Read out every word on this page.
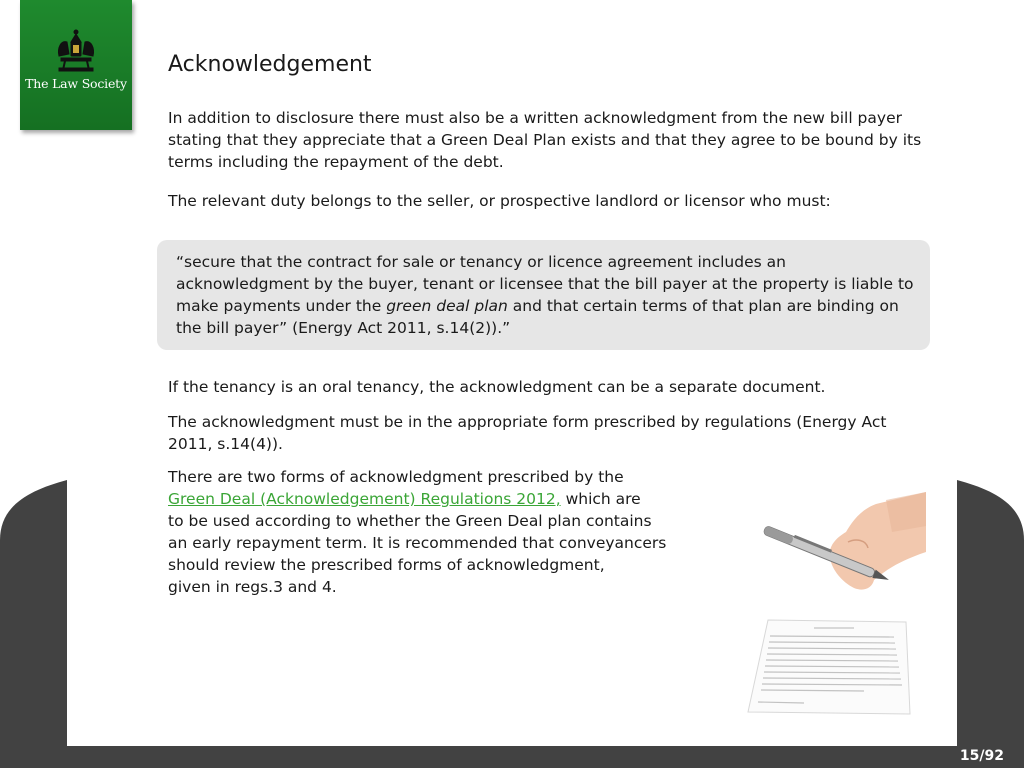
The Law Society
Acknowledgement

In addition to disclosure there must also be a written acknowledgment from the new bill payer stating that they appreciate that a Green Deal Plan exists and that they agree to be bound by its terms including the repayment of the debt.

The relevant duty belongs to the seller, or prospective landlord or licensor who must:

“secure that the contract for sale or tenancy or licence agreement includes an acknowledgment by the buyer, tenant or licensee that the bill payer at the property is liable to make payments under the green deal plan and that certain terms of that plan are binding on the bill payer” (Energy Act 2011, s.14(2)).”

If the tenancy is an oral tenancy, the acknowledgment can be a separate document.

The acknowledgment must be in the appropriate form prescribed by regulations (Energy Act 2011, s.14(4)).

There are two forms of acknowledgment prescribed by the
Green Deal (Acknowledgement) Regulations 2012, which are
to be used according to whether the Green Deal plan contains
an early repayment term. It is recommended that conveyancers
should review the prescribed forms of acknowledgment,
given in regs.3 and 4.
15/92
